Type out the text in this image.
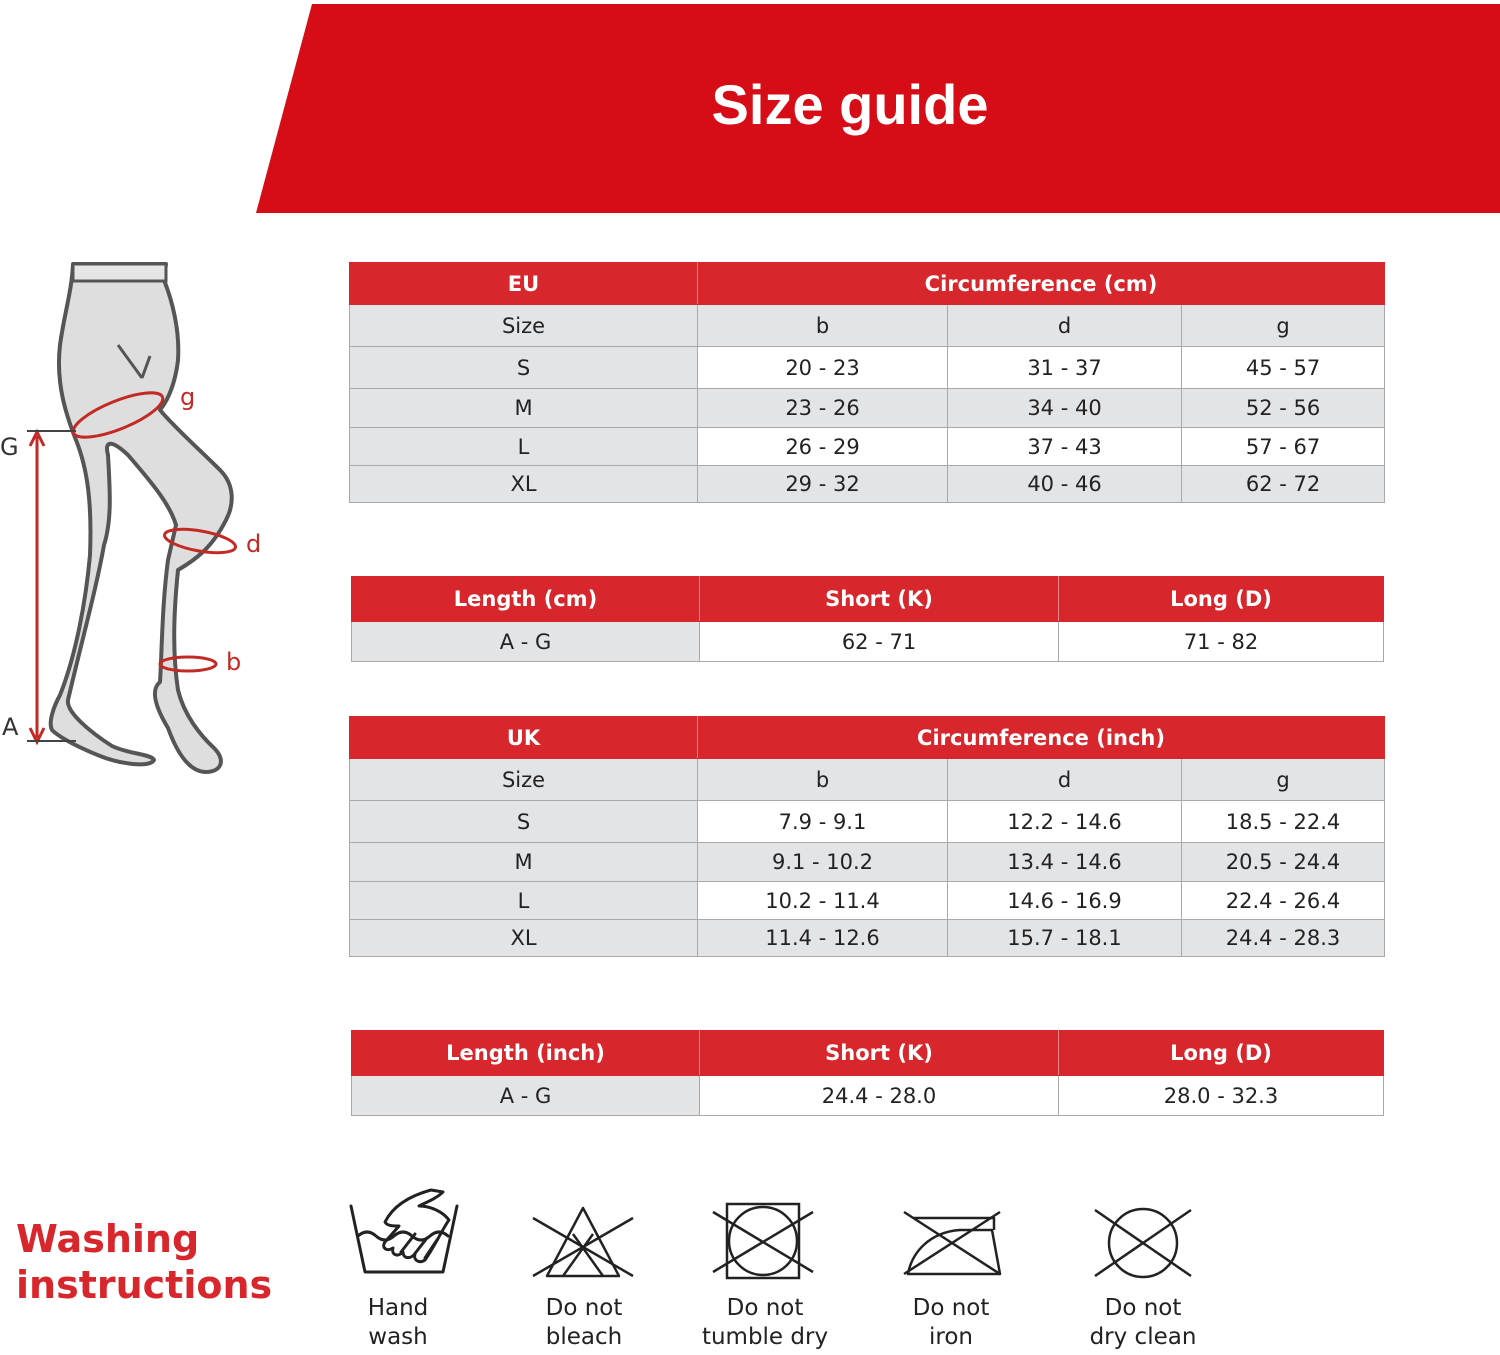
Size guide
G
A
g
d
b
EU	Circumference (cm)		
Size	b	d	g
S	20 - 23	31 - 37	45 - 57
M	23 - 26	34 - 40	52 - 56
L	26 - 29	37 - 43	57 - 67
XL	29 - 32	40 - 46	62 - 72
Length (cm)	Short (K)	Long (D)
A - G	62 - 71	71 - 82
UK	Circumference (inch)		
Size	b	d	g
S	7.9 - 9.1	12.2 - 14.6	18.5 - 22.4
M	9.1 - 10.2	13.4 - 14.6	20.5 - 24.4
L	10.2 - 11.4	14.6 - 16.9	22.4 - 26.4
XL	11.4 - 12.6	15.7 - 18.1	24.4 - 28.3
Length (inch)	Short (K)	Long (D)
A - G	24.4 - 28.0	28.0 - 32.3
Washing
instructions
Hand
wash
Do not
bleach
Do not
tumble dry
Do not
iron
Do not
dry clean
